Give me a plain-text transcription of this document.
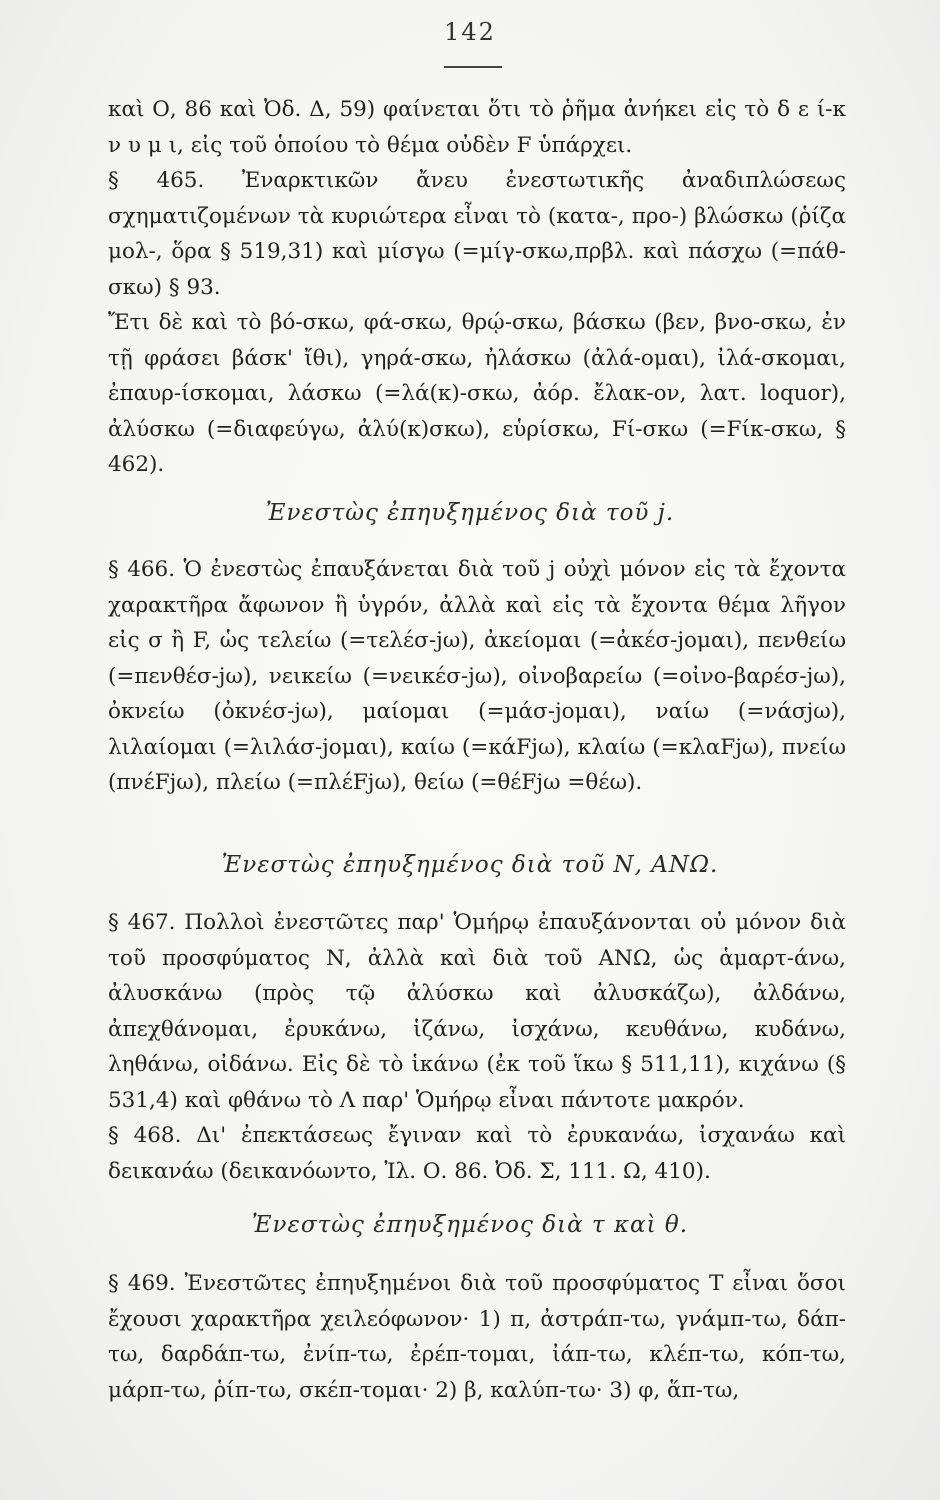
142

καὶ Ο, 86 καὶ Ὀδ. Δ, 59) φαίνεται ὅτι τὸ ῥῆμα ἀνήκει εἰς τὸ δ ε ί-κ ν υ μ ι, εἰς τοῦ ὁποίου τὸ θέμα οὐδὲν F ὑπάρχει.

§ 465. Ἐναρκτικῶν ἄνευ ἐνεστωτικῆς ἀναδιπλώσεως σχηματιζομένων τὰ κυριώτερα εἶναι τὸ (κατα-, προ-) βλώσκω (ῥίζα μολ-, ὅρα § 519,31) καὶ μίσγω (=μίγ-σκω,πρβλ. καὶ πάσχω (=πάθ-σκω) § 93.

Ἔτι δὲ καὶ τὸ βό-σκω, φά-σκω, θρῴ-σκω, βάσκω (βεν, βνο-σκω, ἐν τῇ φράσει βάσκ' ἴθι), γηρά-σκω, ἠλάσκω (ἀλά-ομαι), ἰλά-σκομαι, ἐπαυρ-ίσκομαι, λάσκω (=λά(κ)-σκω, ἀόρ. ἔλακ-ον, λατ. loquor), ἀλύσκω (=διαφεύγω, ἀλύ(κ)σκω), εὑρίσκω, Fί-σκω (=Fίκ-σκω, § 462).

Ἐνεστὼς ἐπηυξημένος διὰ τοῦ j.

§ 466. Ὁ ἐνεστὼς ἐπαυξάνεται διὰ τοῦ j οὐχὶ μόνον εἰς τὰ ἔχοντα χαρακτῆρα ἄφωνον ἢ ὑγρόν, ἀλλὰ καὶ εἰς τὰ ἔχοντα θέμα λῆγον εἰς σ ἢ F, ὡς τελείω (=τελέσ-jω), ἀκείομαι (=ἀκέσ-jομαι), πενθείω (=πενθέσ-jω), νεικείω (=νεικέσ-jω), οἰνοβαρείω (=οἰνο-βαρέσ-jω), ὀκνείω (ὀκνέσ-jω), μαίομαι (=μάσ-jομαι), ναίω (=νάσjω), λιλαίομαι (=λιλάσ-jομαι), καίω (=κάFjω), κλαίω (=κλαFjω), πνείω (πνέFjω), πλείω (=πλέFjω), θείω (=θέFjω =θέω).

Ἐνεστὼς ἐπηυξημένος διὰ τοῦ Ν, ΑΝΩ.

§ 467. Πολλοὶ ἐνεστῶτες παρ' Ὁμήρῳ ἐπαυξάνονται οὐ μόνον διὰ τοῦ προσφύματος Ν, ἀλλὰ καὶ διὰ τοῦ ΑΝΩ, ὡς ἁμαρτ-άνω, ἀλυσκάνω (πρὸς τῷ ἀλύσκω καὶ ἀλυσκάζω), ἀλδάνω, ἀπεχθάνομαι, ἐρυκάνω, ἱζάνω, ἰσχάνω, κευθάνω, κυδάνω, ληθάνω, οἰδάνω. Εἰς δὲ τὸ ἱκάνω (ἐκ τοῦ ἵκω § 511,11), κιχάνω (§ 531,4) καὶ φθάνω τὸ Λ παρ' Ὁμήρῳ εἶναι πάντοτε μακρόν.

§ 468. Δι' ἐπεκτάσεως ἔγιναν καὶ τὸ ἐρυκανάω, ἰσχανάω καὶ δεικανάω (δεικανόωντο, Ἰλ. Ο. 86. Ὀδ. Σ, 111. Ω, 410).

Ἐνεστὼς ἐπηυξημένος διὰ τ καὶ θ.

§ 469. Ἐνεστῶτες ἐπηυξημένοι διὰ τοῦ προσφύματος Τ εἶναι ὅσοι ἔχουσι χαρακτῆρα χειλεόφωνον· 1) π, ἀστράπ-τω, γνάμπ-τω, δάπ-τω, δαρδάπ-τω, ἐνίπ-τω, ἐρέπ-τομαι, ἰάπ-τω, κλέπ-τω, κόπ-τω, μάρπ-τω, ῥίπ-τω, σκέπ-τομαι· 2) β, καλύπ-τω· 3) φ, ἅπ-τω,
